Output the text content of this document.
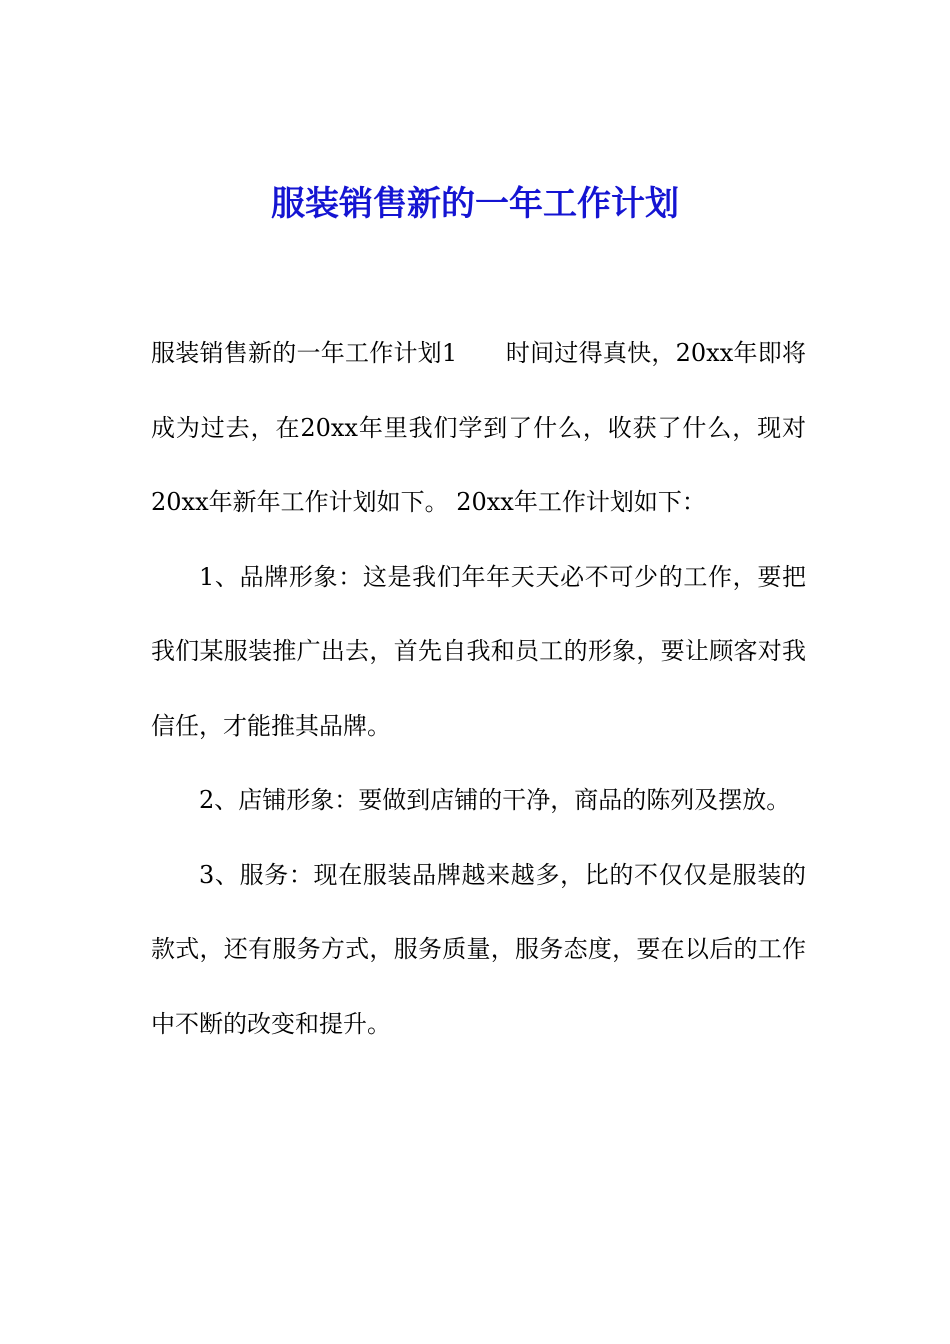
服装销售新的一年工作计划

服装销售新的一年工作计划1　　时间过得真快，20xx年即将成为过去，在20xx年里我们学到了什么，收获了什么，现对20xx年新年工作计划如下。 20xx年工作计划如下：

1、品牌形象：这是我们年年天天必不可少的工作，要把我们某服装推广出去，首先自我和员工的形象，要让顾客对我信任，才能推其品牌。

2、店铺形象：要做到店铺的干净，商品的陈列及摆放。

3、服务：现在服装品牌越来越多，比的不仅仅是服装的款式，还有服务方式，服务质量，服务态度，要在以后的工作中不断的改变和提升。
